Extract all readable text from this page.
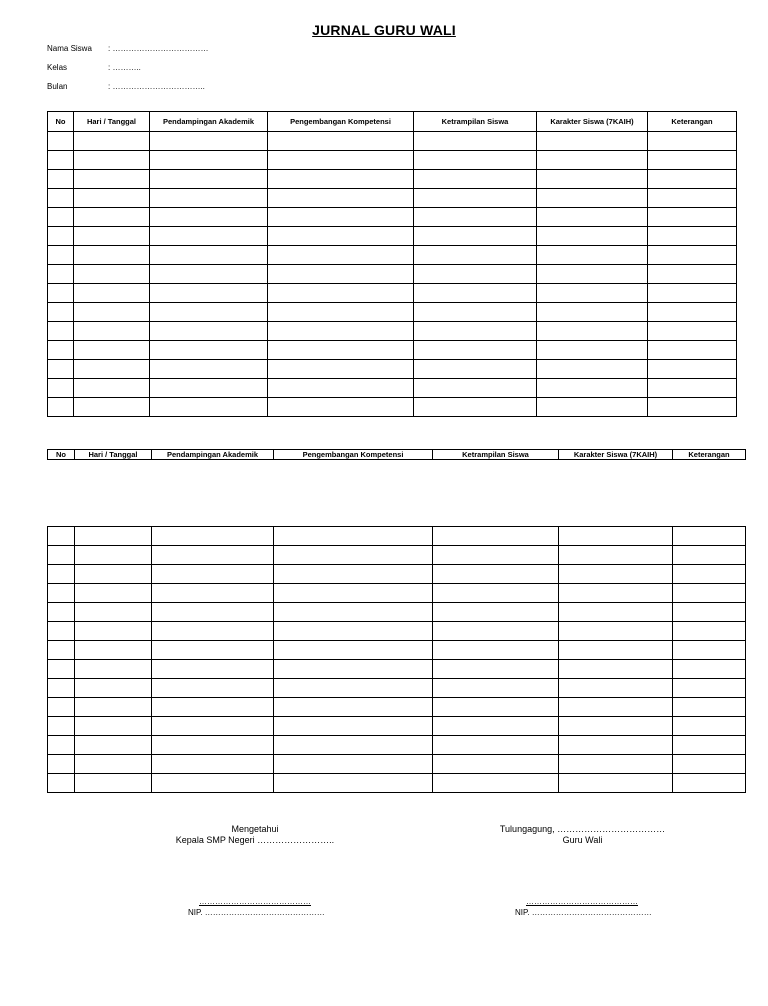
JURNAL GURU WALI
Nama Siswa	: ………………………………
Kelas	: ………..
Bulan	: ……………………………..
No	Hari / Tanggal	Pendampingan Akademik	Pengembangan Kompetensi	Ketrampilan Siswa	Karakter Siswa (7KAIH)	Keterangan

No	Hari / Tanggal	Pendampingan Akademik	Pengembangan Kompetensi	Ketrampilan Siswa	Karakter Siswa (7KAIH)	Keterangan

Mengetahui
Kepala SMP Negeri ……………………..
Tulungagung, ………………………………
Guru Wali
……………………………………	……………………………………
NIP. ………………………………………	NIP. ………………………………………
